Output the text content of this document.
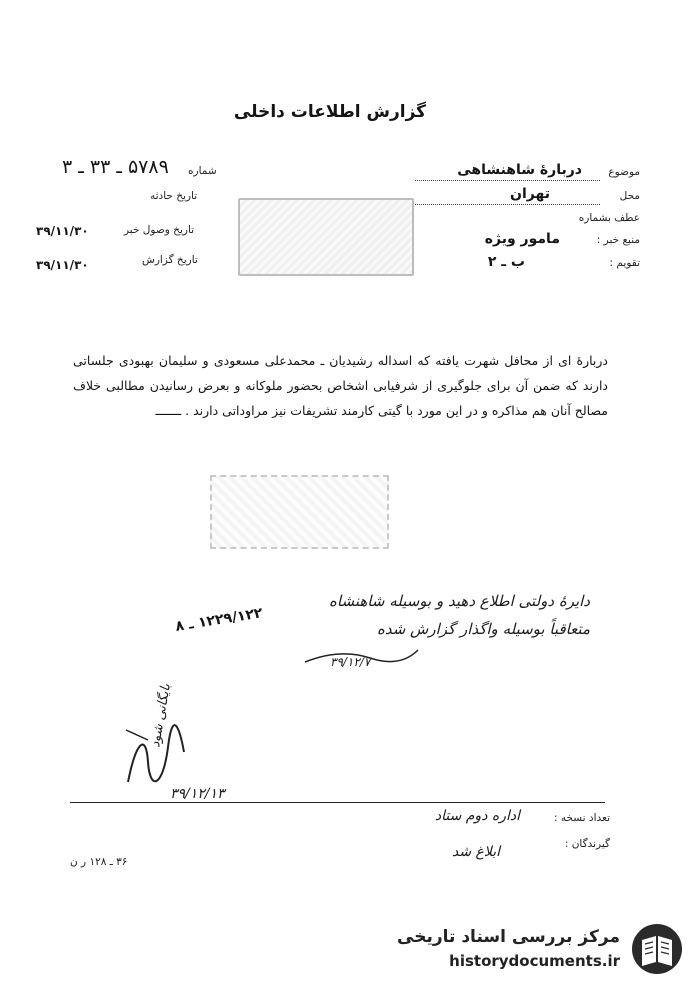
گزارش اطلاعات داخلی
موضوع
دربارهٔ شاهنشاهی
محل
تهران
عطف بشماره
منبع خبر :
مامور ویژه
تقویم :
ب ـ ۲
شماره
۵۷۸۹ ـ ۳۳ ـ ۳
تاریخ حادثه
تاریخ وصول خبر
۳۹/۱۱/۳۰
تاریخ گزارش
۳۹/۱۱/۳۰
دربارهٔ ای از محافل شهرت یافته که اسداله رشیدیان ـ محمدعلی مسعودی و سلیمان بهبودی جلساتی دارند که ضمن آن برای جلوگیری از شرفیابی اشخاص بحضور ملوکانه و بعرض رسانیدن مطالبی خلاف مصالح آنان هم مذاکره و در این مورد با گیتی کارمند تشریفات نیز مراوداتی دارند . ـــــــ
دایرهٔ دولتی اطلاع دهید و بوسیله شاهنشاه
متعاقباً بوسیله واگذار گزارش شده
۳۹/۱۲/۷
۱۲۲۹/۱۲۲ ـ ۸
بایگانی شود
۳۹/۱۲/۱۳
تعداد نسخه :
اداره دوم ستاد
گیرندگان :
ابلاغ شد
۳۶ ـ ۱۲۸ ر ن
مرکز بررسی اسناد تاریخی
historydocuments.ir
